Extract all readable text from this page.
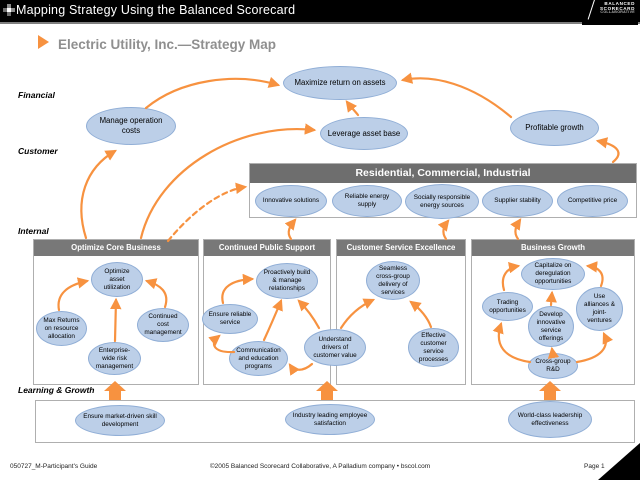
Mapping Strategy Using the Balanced Scorecard	BALANCED
SCORECARD
COLLABORATIVE
Electric Utility, Inc.—Strategy Map
Financial
Customer
Internal
Learning & Growth
Residential, Commercial, Industrial
Optimize Core Business	Continued Public Support	Customer Service Excellence	Business Growth
Maximize return on assets
Manage operation costs	Leverage asset base
Profitable growth
Innovative solutions
Reliable energy supply
Socially responsible energy sources
Supplier stability	Competitive price
Optimize asset utilization
Max Returns on resource allocation
Continued cost management
Enterprise-wide risk management
Proactively build & manage relationships
Ensure reliable service
Communication and education programs
Seamless cross-group delivery of services
Understand drivers of customer value
Effective customer service processes
Capitalize on deregulation opportunities
Trading opportunities
Use alliances & joint-ventures
Develop innovative service offerings
Cross-group R&D
Ensure market-driven skill development
Industry leading employee satisfaction
World-class leadership effectiveness
050727_M-Participant's Guide	©2005 Balanced Scorecard Collaborative, A Palladium company • bscol.com	Page 1
